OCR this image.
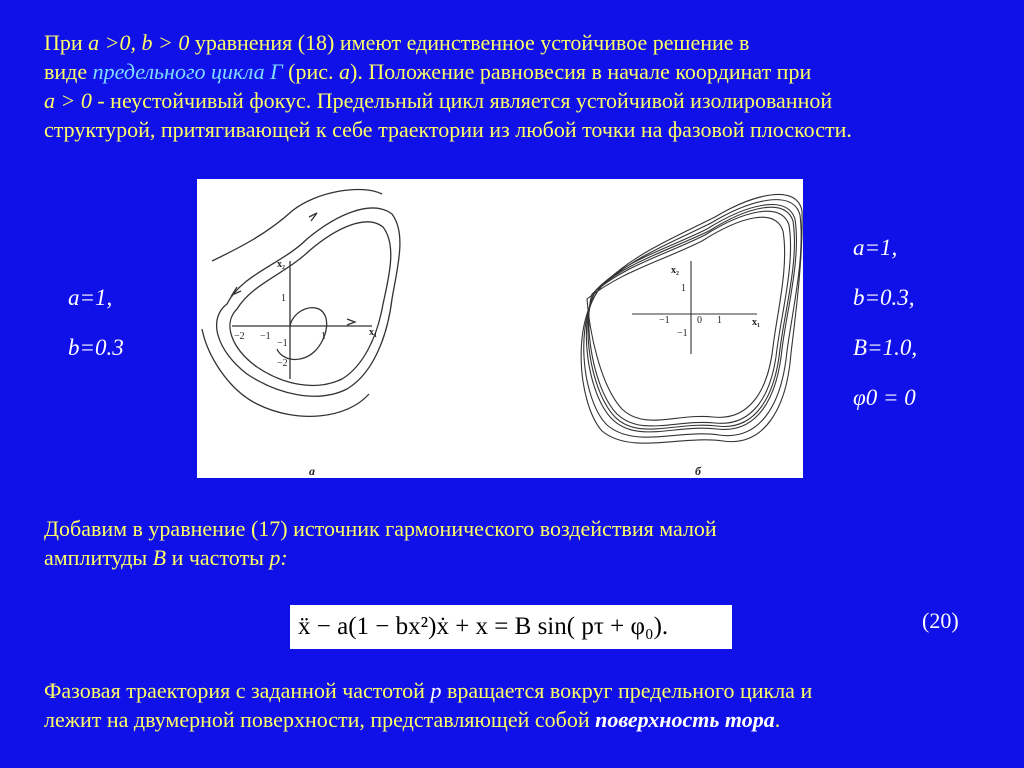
При a >0, b > 0 уравнения (18) имеют единственное устойчивое решение в
виде предельного цикла Γ (рис. а). Положение равновесия в начале координат при
a > 0 - неустойчивый фокус. Предельный цикл является устойчивой изолированной
структурой, притягивающей к себе траектории из любой точки на фазовой плоскости.
a=1,
b=0.3
a=1,
b=0.3,
B=1.0,
φ0 = 0
x₂
x₁
−2 −1	1
1
−1
−2
а
x₂
x₁
−1	0 1
1
−1
б
Добавим в уравнение (17) источник гармонического воздействия малой
амплитуды B и частоты p:
ẍ − a(1 − bx²)ẋ + x = B sin( pτ + φ₀).	(20)
Фазовая траектория с заданной частотой p вращается вокруг предельного цикла и
лежит на двумерной поверхности, представляющей собой поверхность тора.
